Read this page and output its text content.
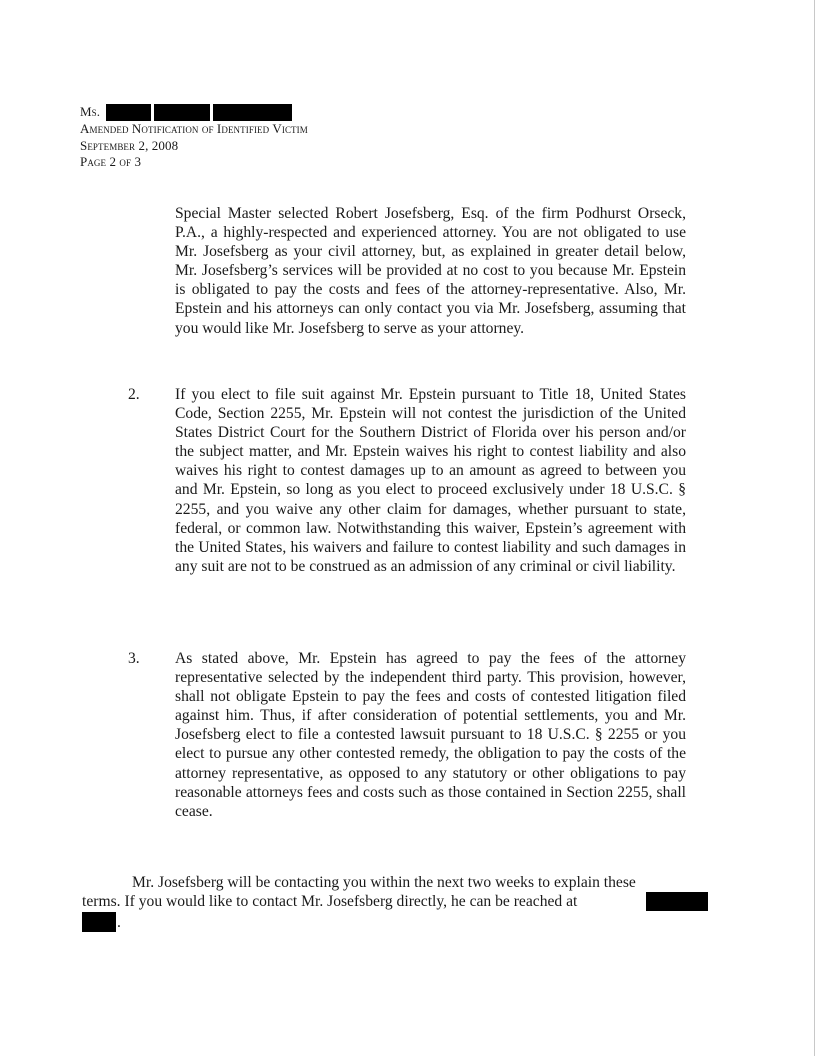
Ms.
Amended Notification of Identified Victim
September 2, 2008
Page 2 of 3
Special Master selected Robert Josefsberg, Esq. of the firm Podhurst Orseck, P.A., a highly-respected and experienced attorney. You are not obligated to use Mr. Josefsberg as your civil attorney, but, as explained in greater detail below, Mr. Josefsberg’s services will be provided at no cost to you because Mr. Epstein is obligated to pay the costs and fees of the attorney-representative. Also, Mr. Epstein and his attorneys can only contact you via Mr. Josefsberg, assuming that you would like Mr. Josefsberg to serve as your attorney.
2. If you elect to file suit against Mr. Epstein pursuant to Title 18, United States Code, Section 2255, Mr. Epstein will not contest the jurisdiction of the United States District Court for the Southern District of Florida over his person and/or the subject matter, and Mr. Epstein waives his right to contest liability and also waives his right to contest damages up to an amount as agreed to between you and Mr. Epstein, so long as you elect to proceed exclusively under 18 U.S.C. § 2255, and you waive any other claim for damages, whether pursuant to state, federal, or common law. Notwithstanding this waiver, Epstein’s agreement with the United States, his waivers and failure to contest liability and such damages in any suit are not to be construed as an admission of any criminal or civil liability.
3. As stated above, Mr. Epstein has agreed to pay the fees of the attorney representative selected by the independent third party. This provision, however, shall not obligate Epstein to pay the fees and costs of contested litigation filed against him. Thus, if after consideration of potential settlements, you and Mr. Josefsberg elect to file a contested lawsuit pursuant to 18 U.S.C. § 2255 or you elect to pursue any other contested remedy, the obligation to pay the costs of the attorney representative, as opposed to any statutory or other obligations to pay reasonable attorneys fees and costs such as those contained in Section 2255, shall cease.
Mr. Josefsberg will be contacting you within the next two weeks to explain these
terms. If you would like to contact Mr. Josefsberg directly, he can be reached at
.
